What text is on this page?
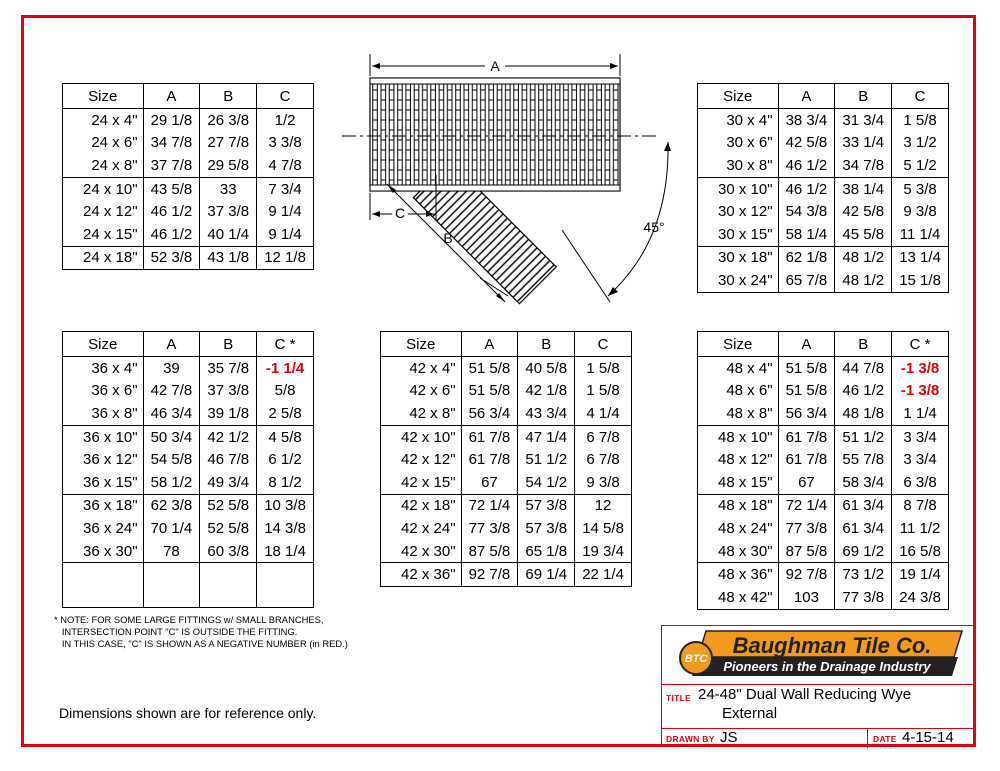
A
C
B
45°
Size	A	B	C
24 x 4"	29 1/8	26 3/8	1/2
24 x 6"	34 7/8	27 7/8	3 3/8
24 x 8"	37 7/8	29 5/8	4 7/8
24 x 10"	43 5/8	33	7 3/4
24 x 12"	46 1/2	37 3/8	9 1/4
24 x 15"	46 1/2	40 1/4	9 1/4
24 x 18"	52 3/8	43 1/8	12 1/8
Size	A	B	C
30 x 4"	38 3/4	31 3/4	1 5/8
30 x 6"	42 5/8	33 1/4	3 1/2
30 x 8"	46 1/2	34 7/8	5 1/2
30 x 10"	46 1/2	38 1/4	5 3/8
30 x 12"	54 3/8	42 5/8	9 3/8
30 x 15"	58 1/4	45 5/8	11 1/4
30 x 18"	62 1/8	48 1/2	13 1/4
30 x 24"	65 7/8	48 1/2	15 1/8
Size	A	B	C *
36 x 4"	39	35 7/8	-1 1/4
36 x 6"	42 7/8	37 3/8	5/8
36 x 8"	46 3/4	39 1/8	2 5/8
36 x 10"	50 3/4	42 1/2	4 5/8
36 x 12"	54 5/8	46 7/8	6 1/2
36 x 15"	58 1/2	49 3/4	8 1/2
36 x 18"	62 3/8	52 5/8	10 3/8
36 x 24"	70 1/4	52 5/8	14 3/8
36 x 30"	78	60 3/8	18 1/4

Size	A	B	C
42 x 4"	51 5/8	40 5/8	1 5/8
42 x 6"	51 5/8	42 1/8	1 5/8
42 x 8"	56 3/4	43 3/4	4 1/4
42 x 10"	61 7/8	47 1/4	6 7/8
42 x 12"	61 7/8	51 1/2	6 7/8
42 x 15"	67	54 1/2	9 3/8
42 x 18"	72 1/4	57 3/8	12
42 x 24"	77 3/8	57 3/8	14 5/8
42 x 30"	87 5/8	65 1/8	19 3/4
42 x 36"	92 7/8	69 1/4	22 1/4
Size	A	B	C *
48 x 4"	51 5/8	44 7/8	-1 3/8
48 x 6"	51 5/8	46 1/2	-1 3/8
48 x 8"	56 3/4	48 1/8	1 1/4
48 x 10"	61 7/8	51 1/2	3 3/4
48 x 12"	61 7/8	55 7/8	3 3/4
48 x 15"	67	58 3/4	6 3/8
48 x 18"	72 1/4	61 3/4	8 7/8
48 x 24"	77 3/8	61 3/4	11 1/2
48 x 30"	87 5/8	69 1/2	16 5/8
48 x 36"	92 7/8	73 1/2	19 1/4
48 x 42"	103	77 3/8	24 3/8
* NOTE: FOR SOME LARGE FITTINGS w/ SMALL BRANCHES,
INTERSECTION POINT "C" IS OUTSIDE THE FITTING.
IN THIS CASE, "C" IS SHOWN AS A NEGATIVE NUMBER (in RED.)
Dimensions shown are for reference only.
BTC
Baughman Tile Co.
Pioneers in the Drainage Industry
TITLE 24-48" Dual Wall Reducing Wye
External
DRAWN BY JS	DATE 4-15-14
